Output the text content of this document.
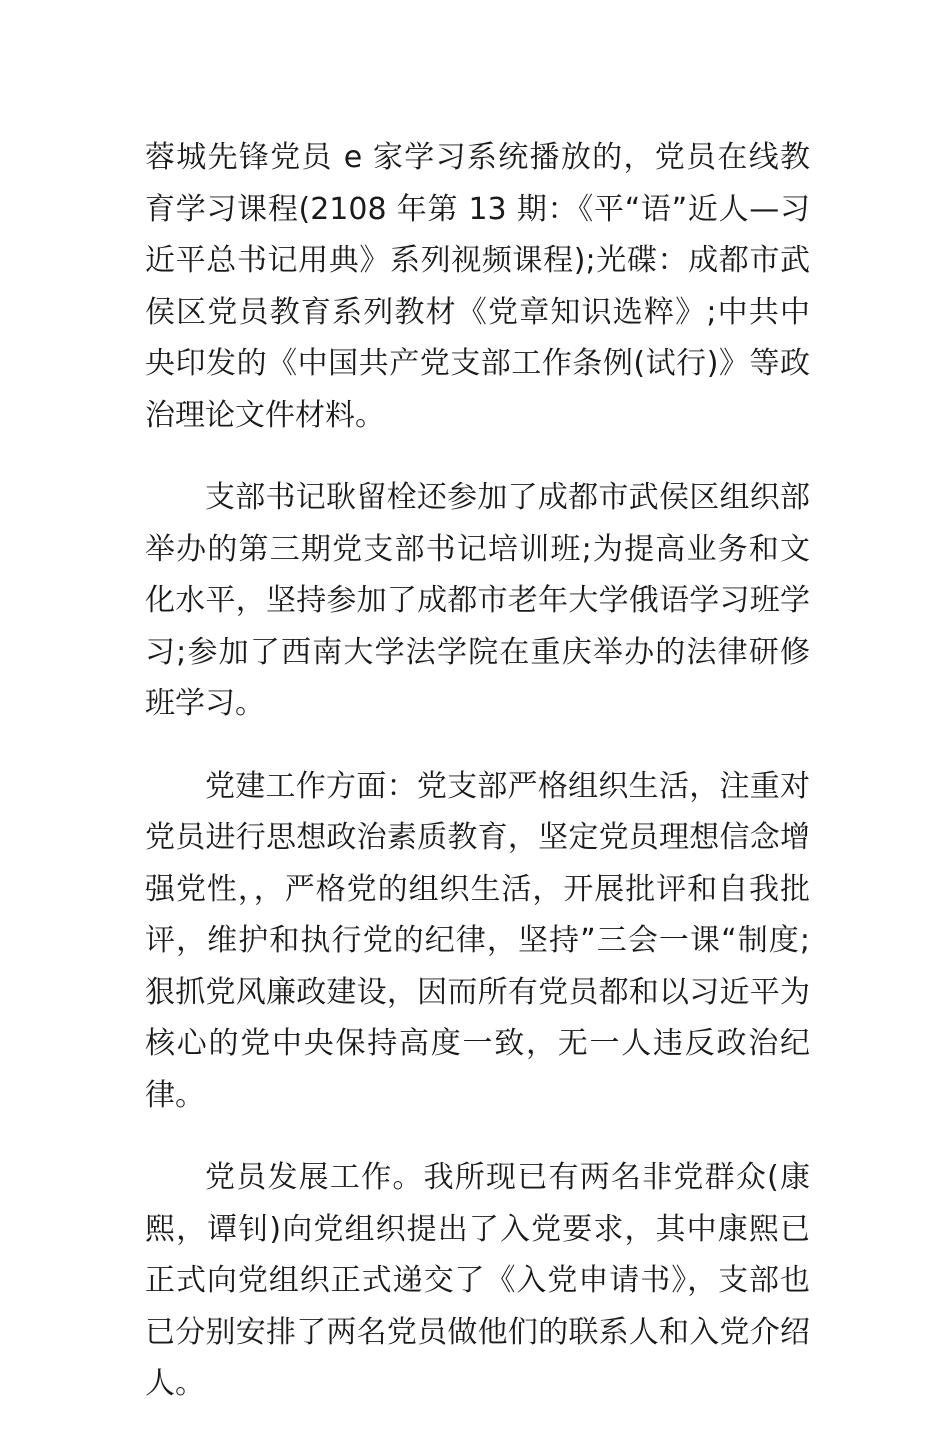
蓉城先锋党员 e 家学习系统播放的，党员在线教育学习课程(2108 年第 13 期：《平“语”近人—习近平总书记用典》系列视频课程);光碟：成都市武侯区党员教育系列教材《党章知识选粹》;中共中央印发的《中国共产党支部工作条例(试行)》等政治理论文件材料。

支部书记耿留栓还参加了成都市武侯区组织部举办的第三期党支部书记培训班;为提高业务和文化水平，坚持参加了成都市老年大学俄语学习班学习;参加了西南大学法学院在重庆举办的法律研修班学习。

党建工作方面：党支部严格组织生活，注重对党员进行思想政治素质教育，坚定党员理想信念增强党性，，严格党的组织生活，开展批评和自我批评，维护和执行党的纪律，坚持”三会一课“制度;狠抓党风廉政建设，因而所有党员都和以习近平为核心的党中央保持高度一致，无一人违反政治纪律。

党员发展工作。我所现已有两名非党群众(康熙，谭钊)向党组织提出了入党要求，其中康熙已正式向党组织正式递交了《入党申请书》，支部也已分别安排了两名党员做他们的联系人和入党介绍人。
